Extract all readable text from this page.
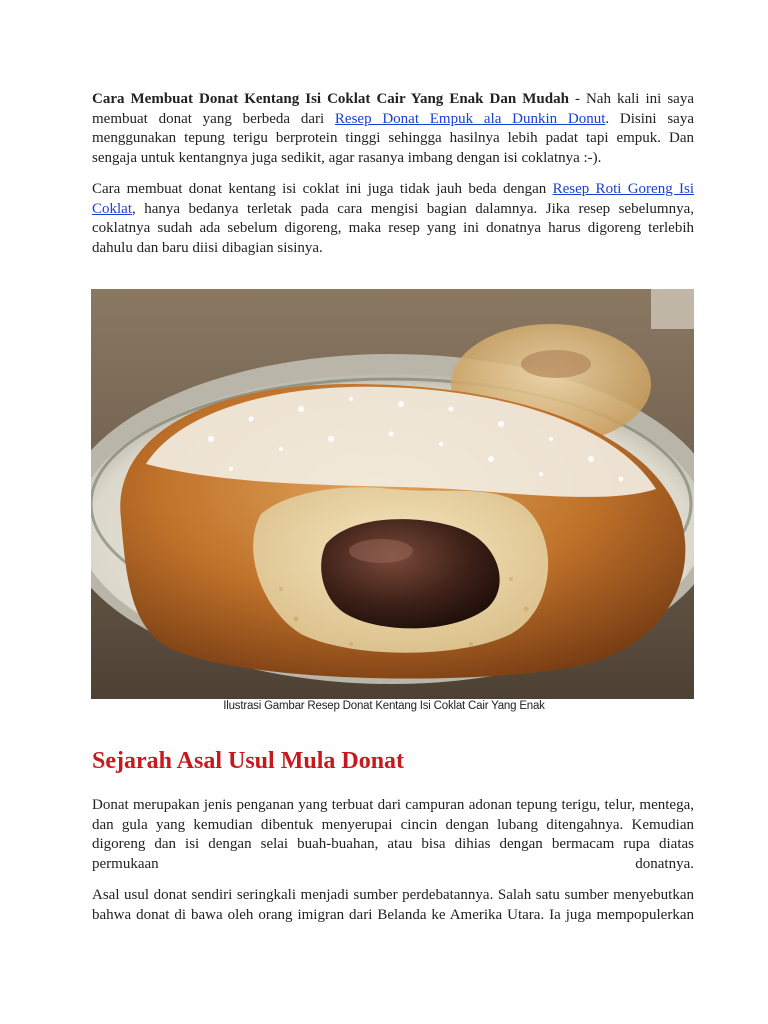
Cara Membuat Donat Kentang Isi Coklat Cair Yang Enak Dan Mudah - Nah kali ini saya membuat donat yang berbeda dari Resep Donat Empuk ala Dunkin Donut. Disini saya menggunakan tepung terigu berprotein tinggi sehingga hasilnya lebih padat tapi empuk. Dan sengaja untuk kentangnya juga sedikit, agar rasanya imbang dengan isi coklatnya :-).

Cara membuat donat kentang isi coklat ini juga tidak jauh beda dengan Resep Roti Goreng Isi Coklat, hanya bedanya terletak pada cara mengisi bagian dalamnya. Jika resep sebelumnya, coklatnya sudah ada sebelum digoreng, maka resep yang ini donatnya harus digoreng terlebih dahulu dan baru diisi dibagian sisinya.

Ilustrasi Gambar Resep Donat Kentang Isi Coklat Cair Yang Enak
Sejarah Asal Usul Mula Donat

Donat merupakan jenis penganan yang terbuat dari campuran adonan tepung terigu, telur, mentega, dan gula yang kemudian dibentuk menyerupai cincin dengan lubang ditengahnya. Kemudian digoreng dan isi dengan selai buah-buahan, atau bisa dihias dengan bermacam rupa diatas permukaan donatnya.

Asal usul donat sendiri seringkali menjadi sumber perdebatannya. Salah satu sumber menyebutkan bahwa donat di bawa oleh orang imigran dari Belanda ke Amerika Utara. Ia juga mempopulerkan
